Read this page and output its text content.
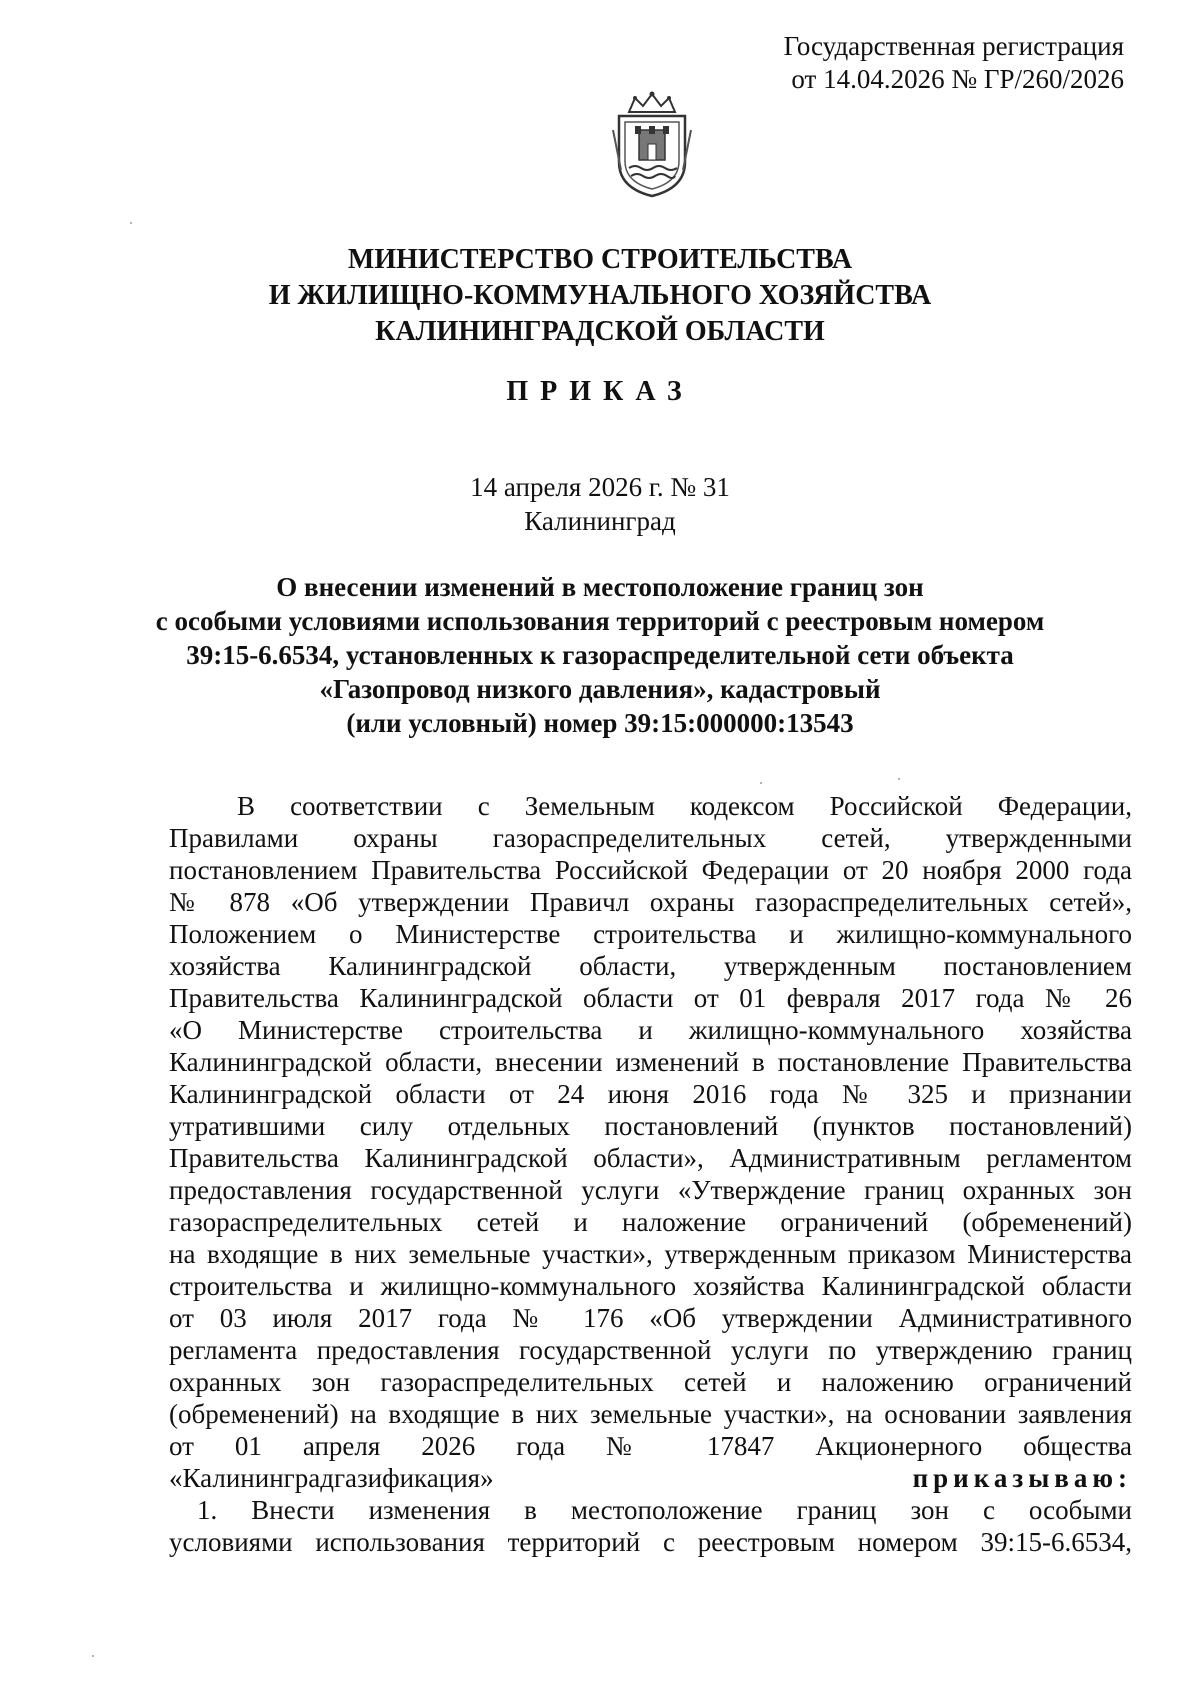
Государственная регистрация
от 14.04.2026 № ГР/260/2026
МИНИСТЕРСТВО СТРОИТЕЛЬСТВА
И ЖИЛИЩНО-КОММУНАЛЬНОГО ХОЗЯЙСТВА
КАЛИНИНГРАДСКОЙ ОБЛАСТИ
ПРИКАЗ
14 апреля 2026 г. № 31
Калининград
О внесении изменений в местоположение границ зон
с особыми условиями использования территорий с реестровым номером
39:15-6.6534, установленных к газораспределительной сети объекта
«Газопровод низкого давления», кадастровый
(или условный) номер 39:15:000000:13543
В соответствии с Земельным кодексом Российской Федерации,
Правилами охраны газораспределительных сетей, утвержденными
постановлением Правительства Российской Федерации от 20 ноября 2000 года
№ 878 «Об утверждении Правичл охраны газораспределительных сетей»,
Положением о Министерстве строительства и жилищно-коммунального
хозяйства Калининградской области, утвержденным постановлением
Правительства Калининградской области от 01 февраля 2017 года № 26
«О Министерстве строительства и жилищно-коммунального хозяйства
Калининградской области, внесении изменений в постановление Правительства
Калининградской области от 24 июня 2016 года № 325 и признании
утратившими силу отдельных постановлений (пунктов постановлений)
Правительства Калининградской области», Административным регламентом
предоставления государственной услуги «Утверждение границ охранных зон
газораспределительных сетей и наложение ограничений (обременений)
на входящие в них земельные участки», утвержденным приказом Министерства
строительства и жилищно-коммунального хозяйства Калининградской области
от 03 июля 2017 года № 176 «Об утверждении Административного
регламента предоставления государственной услуги по утверждению границ
охранных зон газораспределительных сетей и наложению ограничений
(обременений) на входящие в них земельные участки», на основании заявления
от 01 апреля 2026 года № 17847 Акционерного общества
«Калининградгазификация»	приказываю:
1. Внести изменения в местоположение границ зон с особыми
условиями использования территорий с реестровым номером 39:15-6.6534,
